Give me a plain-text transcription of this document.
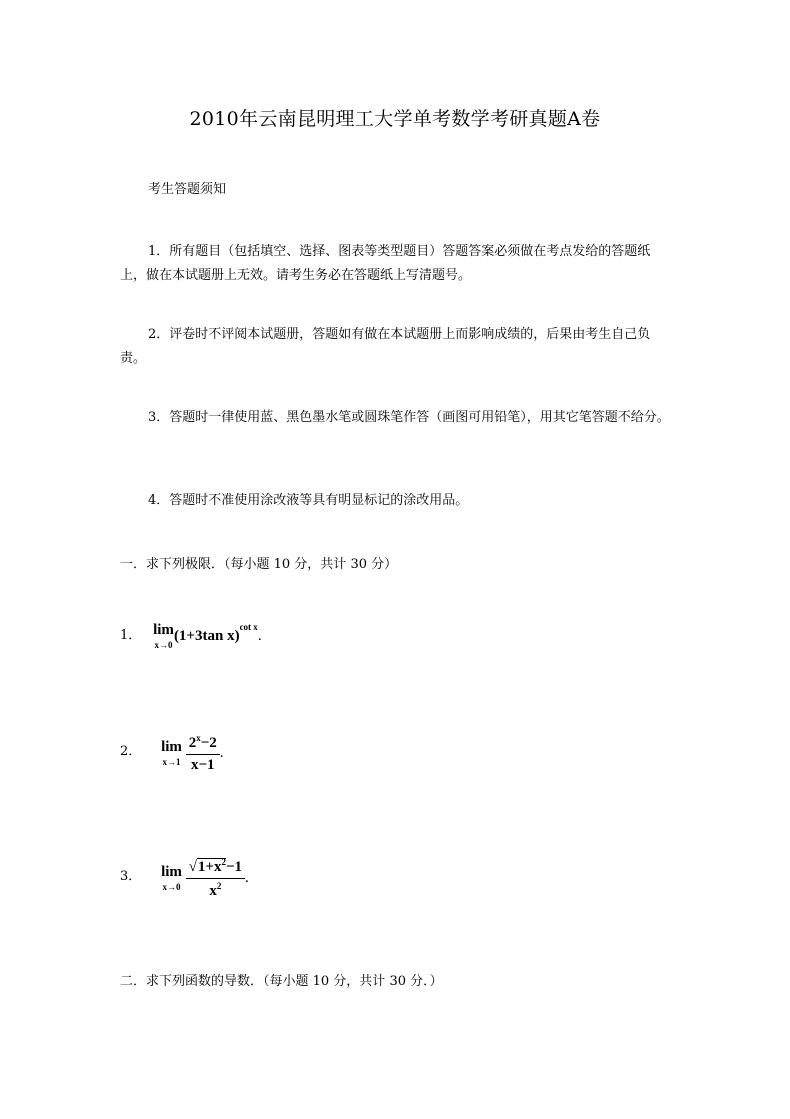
2010年云南昆明理工大学单考数学考研真题A卷
考生答题须知
1．所有题目（包括填空、选择、图表等类型题目）答题答案必须做在考点发给的答题纸上，做在本试题册上无效。请考生务必在答题纸上写清题号。
2．评卷时不评阅本试题册，答题如有做在本试题册上而影响成绩的，后果由考生自己负责。
3．答题时一律使用蓝、黑色墨水笔或圆珠笔作答（画图可用铅笔），用其它笔答题不给分。
4．答题时不准使用涂改液等具有明显标记的涂改用品。
一．求下列极限．（每小题 10 分，共计 30 分）
1． lim
x→0
(1+3tan x)$^{cot x}$.
2． lim
x→1
$\frac{2^x-2}{x-1}$ .
3． lim
x→0
$\frac{√1+x^2-1}{x^2}$ .
二．求下列函数的导数．（每小题 10 分，共计 30 分．）
